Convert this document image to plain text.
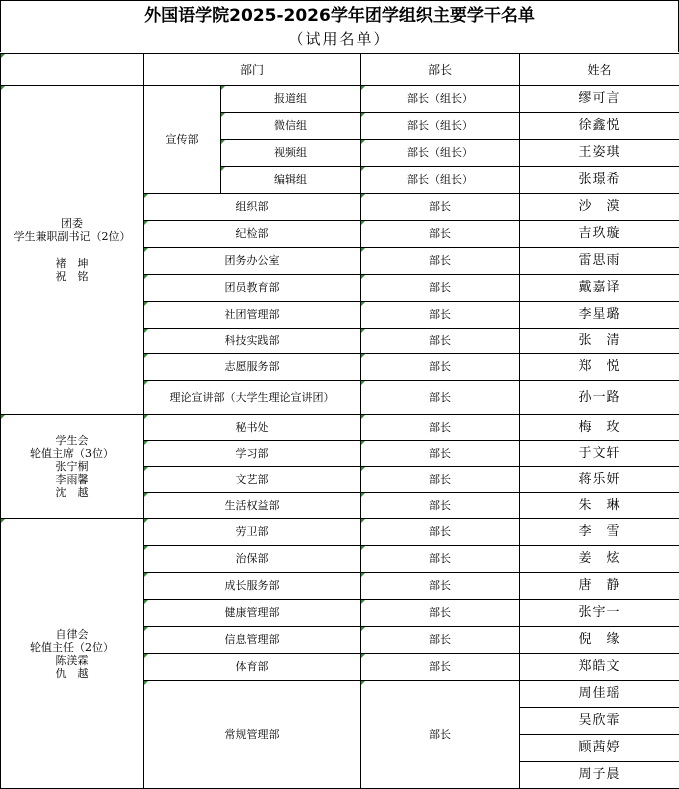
外国语学院2025-2026学年团学组织主要学干名单
（试用名单）
	部门		部长	姓名

团委
学生兼职副书记（2位）
褚　坤
祝　铭	宣传部	报道组	部长（组长）	缪可言
		微信组	部长（组长）	徐鑫悦
		视频组	部长（组长）	王姿琪
		编辑组	部长（组长）	张璟希
	组织部		部长	沙　漠
	纪检部		部长	吉玖璇
	团务办公室		部长	雷思雨
	团员教育部		部长	戴嘉译
	社团管理部		部长	李星璐
	科技实践部		部长	张　清
	志愿服务部		部长	郑　悦
	理论宣讲部（大学生理论宣讲团）		部长	孙一路

学生会
轮值主席（3位）
张宁桐
李雨馨
沈　越	秘书处		部长	梅　玫
	学习部		部长	于文轩
	文艺部		部长	蒋乐妍
	生活权益部		部长	朱　琳

自律会
轮值主任（2位）
陈渼霖
仇　越	劳卫部		部长	李　雪
	治保部		部长	姜　炫
	成长服务部		部长	唐　静
	健康管理部		部长	张宇一
	信息管理部		部长	倪　缘
	体育部		部长	郑皓文
	常规管理部		部长	周佳瑶
				吴欣霏
				顾茜婷
				周子晨
